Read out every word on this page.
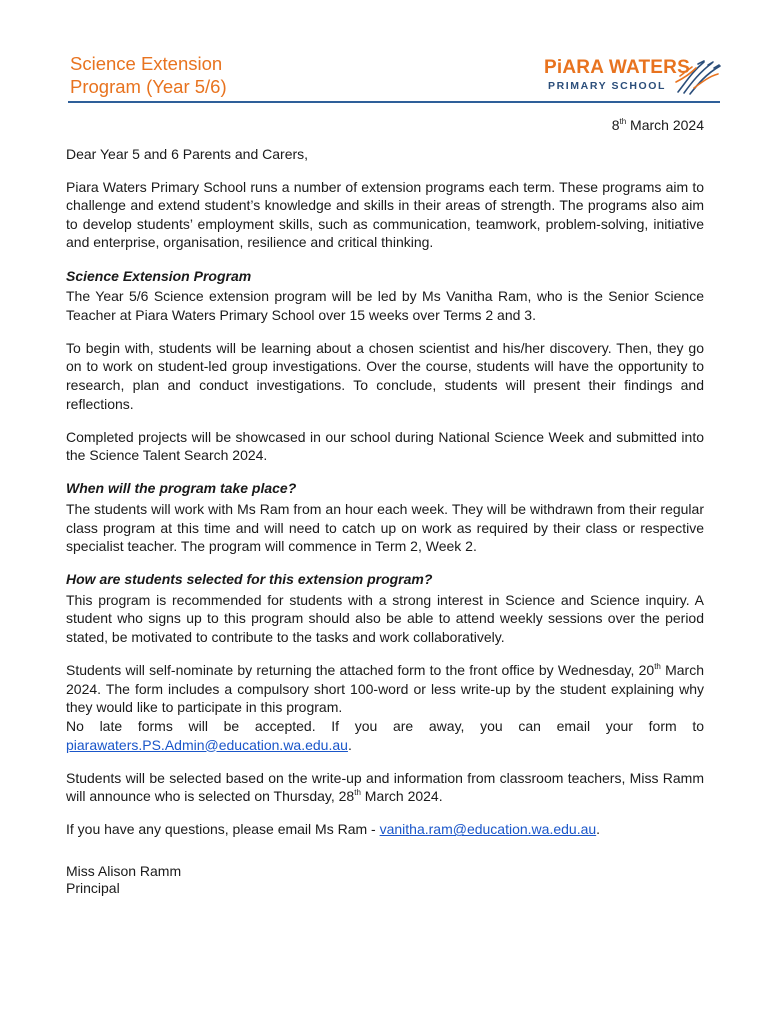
Science Extension

Program (Year 5/6)

PiARA WATERS
PRIMARY SCHOOL

8th March 2024

Dear Year 5 and 6 Parents and Carers,

Piara Waters Primary School runs a number of extension programs each term. These programs aim to challenge and extend student’s knowledge and skills in their areas of strength. The programs also aim to develop students’ employment skills, such as communication, teamwork, problem-solving, initiative and enterprise, organisation, resilience and critical thinking.

Science Extension Program

The Year 5/6 Science extension program will be led by Ms Vanitha Ram, who is the Senior Science Teacher at Piara Waters Primary School over 15 weeks over Terms 2 and 3.

To begin with, students will be learning about a chosen scientist and his/her discovery. Then, they go on to work on student-led group investigations. Over the course, students will have the opportunity to research, plan and conduct investigations. To conclude, students will present their findings and reflections.

Completed projects will be showcased in our school during National Science Week and submitted into the Science Talent Search 2024.

When will the program take place?

The students will work with Ms Ram from an hour each week. They will be withdrawn from their regular class program at this time and will need to catch up on work as required by their class or respective specialist teacher. The program will commence in Term 2, Week 2.

How are students selected for this extension program?

This program is recommended for students with a strong interest in Science and Science inquiry. A student who signs up to this program should also be able to attend weekly sessions over the period stated, be motivated to contribute to the tasks and work collaboratively.

Students will self-nominate by returning the attached form to the front office by Wednesday, 20th March 2024. The form includes a compulsory short 100-word or less write-up by the student explaining why they would like to participate in this program.

No late forms will be accepted. If you are away, you can email your form to piarawaters.PS.Admin@education.wa.edu.au.

Students will be selected based on the write-up and information from classroom teachers, Miss Ramm will announce who is selected on Thursday, 28th March 2024.

If you have any questions, please email Ms Ram - vanitha.ram@education.wa.edu.au.

Miss Alison Ramm
Principal
